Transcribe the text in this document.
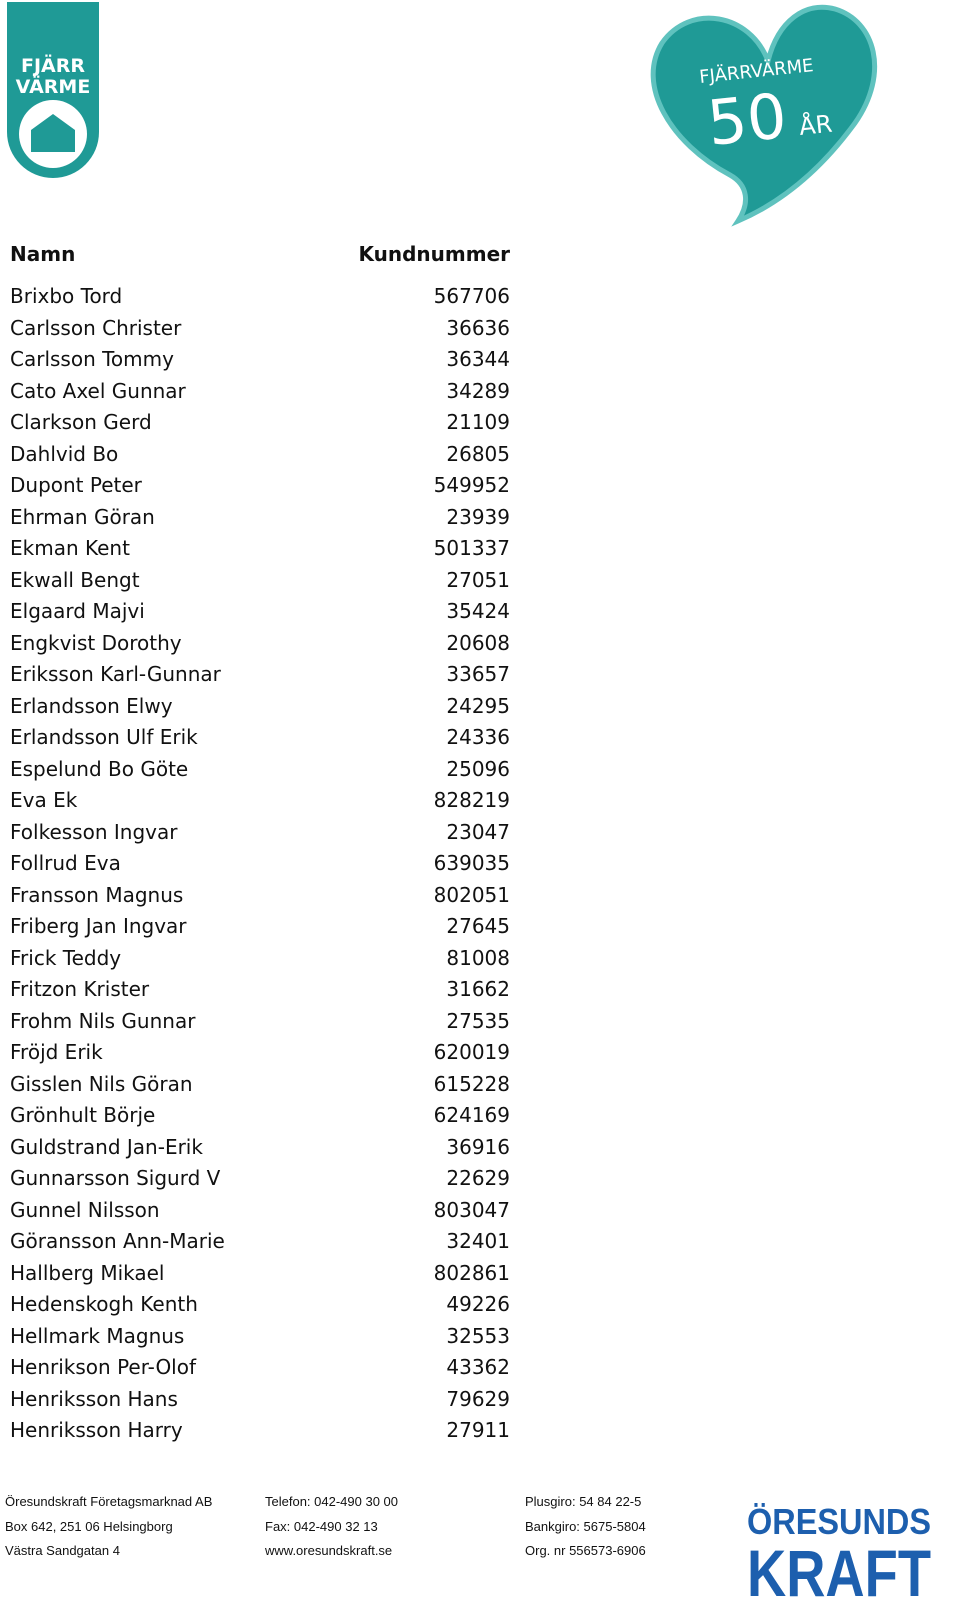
FJÄRR
VÄRME	FJÄRRVÄRME
50 ÅR
Namn	Kundnummer
Brixbo Tord	567706
Carlsson Christer	36636
Carlsson Tommy	36344
Cato Axel Gunnar	34289
Clarkson Gerd	21109
Dahlvid Bo	26805
Dupont Peter	549952
Ehrman Göran	23939
Ekman Kent	501337
Ekwall Bengt	27051
Elgaard Majvi	35424
Engkvist Dorothy	20608
Eriksson Karl-Gunnar	33657
Erlandsson Elwy	24295
Erlandsson Ulf Erik	24336
Espelund Bo Göte	25096
Eva Ek	828219
Folkesson Ingvar	23047
Follrud Eva	639035
Fransson Magnus	802051
Friberg Jan Ingvar	27645
Frick Teddy	81008
Fritzon Krister	31662
Frohm Nils Gunnar	27535
Fröjd Erik	620019
Gisslen Nils Göran	615228
Grönhult Börje	624169
Guldstrand Jan-Erik	36916
Gunnarsson Sigurd V	22629
Gunnel Nilsson	803047
Göransson Ann-Marie	32401
Hallberg Mikael	802861
Hedenskogh Kenth	49226
Hellmark Magnus	32553
Henrikson Per-Olof	43362
Henriksson Hans	79629
Henriksson Harry	27911
Öresundskraft Företagsmarknad AB
Box 642, 251 06 Helsingborg
Västra Sandgatan 4
Telefon: 042-490 30 00
Fax: 042-490 32 13
www.oresundskraft.se
Plusgiro: 54 84 22-5
Bankgiro: 5675-5804
Org. nr 556573-6906
ÖRESUNDS
KRAFT
